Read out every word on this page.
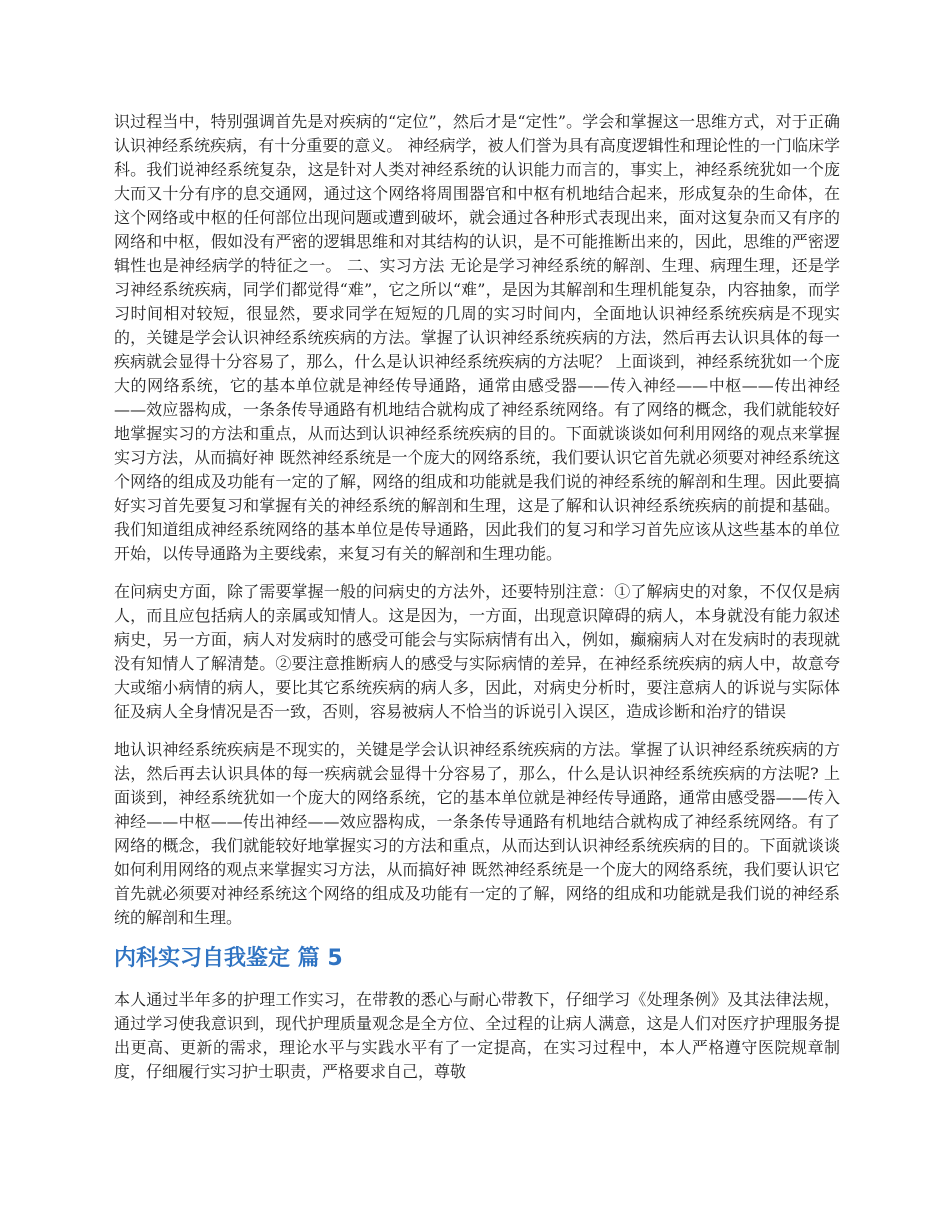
识过程当中，特别强调首先是对疾病的“定位”，然后才是“定性”。学会和掌握这一思维方式，对于正确认识神经系统疾病，有十分重要的意义。 神经病学，被人们誉为具有高度逻辑性和理论性的一门临床学科。我们说神经系统复杂，这是针对人类对神经系统的认识能力而言的，事实上，神经系统犹如一个庞大而又十分有序的息交通网，通过这个网络将周围器官和中枢有机地结合起来，形成复杂的生命体，在这个网络或中枢的任何部位出现问题或遭到破坏，就会通过各种形式表现出来，面对这复杂而又有序的网络和中枢，假如没有严密的逻辑思维和对其结构的认识，是不可能推断出来的，因此，思维的严密逻辑性也是神经病学的特征之一。 二、实习方法 无论是学习神经系统的解剖、生理、病理生理，还是学习神经系统疾病，同学们都觉得“难”，它之所以“难”，是因为其解剖和生理机能复杂，内容抽象，而学习时间相对较短，很显然，要求同学在短短的几周的实习时间内，全面地认识神经系统疾病是不现实的，关键是学会认识神经系统疾病的方法。掌握了认识神经系统疾病的方法，然后再去认识具体的每一疾病就会显得十分容易了，那么，什么是认识神经系统疾病的方法呢？ 上面谈到，神经系统犹如一个庞大的网络系统，它的基本单位就是神经传导通路，通常由感受器——传入神经——中枢——传出神经——效应器构成，一条条传导通路有机地结合就构成了神经系统网络。有了网络的概念，我们就能较好地掌握实习的方法和重点，从而达到认识神经系统疾病的目的。下面就谈谈如何利用网络的观点来掌握实习方法，从而搞好神 既然神经系统是一个庞大的网络系统，我们要认识它首先就必须要对神经系统这个网络的组成及功能有一定的了解，网络的组成和功能就是我们说的神经系统的解剖和生理。因此要搞好实习首先要复习和掌握有关的神经系统的解剖和生理，这是了解和认识神经系统疾病的前提和基础。我们知道组成神经系统网络的基本单位是传导通路，因此我们的复习和学习首先应该从这些基本的单位开始，以传导通路为主要线索，来复习有关的解剖和生理功能。

在问病史方面，除了需要掌握一般的问病史的方法外，还要特别注意：①了解病史的对象，不仅仅是病人，而且应包括病人的亲属或知情人。这是因为，一方面，出现意识障碍的病人，本身就没有能力叙述病史，另一方面，病人对发病时的感受可能会与实际病情有出入，例如，癫痫病人对在发病时的表现就没有知情人了解清楚。②要注意推断病人的感受与实际病情的差异，在神经系统疾病的病人中，故意夸大或缩小病情的病人，要比其它系统疾病的病人多，因此，对病史分析时，要注意病人的诉说与实际体征及病人全身情况是否一致，否则，容易被病人不恰当的诉说引入误区，造成诊断和治疗的错误

地认识神经系统疾病是不现实的，关键是学会认识神经系统疾病的方法。掌握了认识神经系统疾病的方法，然后再去认识具体的每一疾病就会显得十分容易了，那么，什么是认识神经系统疾病的方法呢? 上面谈到，神经系统犹如一个庞大的网络系统，它的基本单位就是神经传导通路，通常由感受器——传入神经——中枢——传出神经——效应器构成，一条条传导通路有机地结合就构成了神经系统网络。有了网络的概念，我们就能较好地掌握实习的方法和重点，从而达到认识神经系统疾病的目的。下面就谈谈如何利用网络的观点来掌握实习方法，从而搞好神 既然神经系统是一个庞大的网络系统，我们要认识它首先就必须要对神经系统这个网络的组成及功能有一定的了解，网络的组成和功能就是我们说的神经系统的解剖和生理。

内科实习自我鉴定 篇 5

本人通过半年多的护理工作实习，在带教的悉心与耐心带教下，仔细学习《处理条例》及其法律法规，通过学习使我意识到，现代护理质量观念是全方位、全过程的让病人满意，这是人们对医疗护理服务提出更高、更新的需求，理论水平与实践水平有了一定提高，在实习过程中，本人严格遵守医院规章制度，仔细履行实习护士职责，严格要求自己，尊敬
